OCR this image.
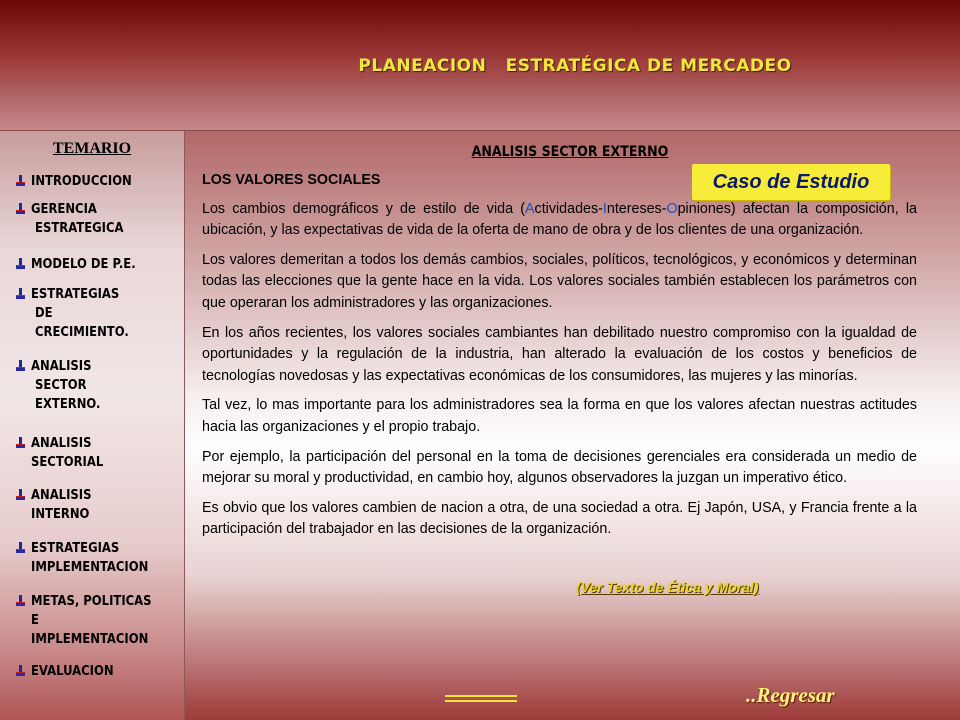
PLANEACION   ESTRATÉGICA DE MERCADEO
TEMARIO
INTRODUCCION
GERENCIA
ESTRATEGICA
MODELO DE P.E.
ESTRATEGIAS
DE
CRECIMIENTO.
ANALISIS
SECTOR
EXTERNO.
ANALISIS
SECTORIAL
ANALISIS
INTERNO
ESTRATEGIAS
IMPLEMENTACION
METAS, POLITICAS
E
IMPLEMENTACION
EVALUACION
ANALISIS SECTOR EXTERNO
Caso de Estudio
LOS VALORES SOCIALES

Los cambios demográficos y de estilo de vida (Actividades-Intereses-Opiniones) afectan la composición, la ubicación, y las expectativas de vida de la oferta de mano de obra y de los clientes de una organización.

Los valores demeritan a todos los demás cambios, sociales, políticos, tecnológicos, y económicos y determinan todas las elecciones que la gente hace en la vida. Los valores sociales también establecen los parámetros con que operaran los administradores y las organizaciones.

En los años recientes, los valores sociales cambiantes han debilitado nuestro compromiso con la igualdad de oportunidades y la regulación de la industria, han alterado la evaluación de los costos y beneficios de tecnologías novedosas y las expectativas económicas de los consumidores, las mujeres y las minorías.

Tal vez, lo mas importante para los administradores sea la forma en que los valores afectan nuestras actitudes hacia las organizaciones y el propio trabajo.

Por ejemplo, la participación del personal en la toma de decisiones gerenciales era considerada un medio de mejorar su moral y productividad, en cambio hoy, algunos observadores la juzgan un imperativo ético.

Es obvio que los valores cambien de nacion a otra, de una sociedad a otra. Ej Japón, USA, y Francia frente a la participación del trabajador en las decisiones de la organización.

(Ver Texto de Ética y Moral)
..Regresar
